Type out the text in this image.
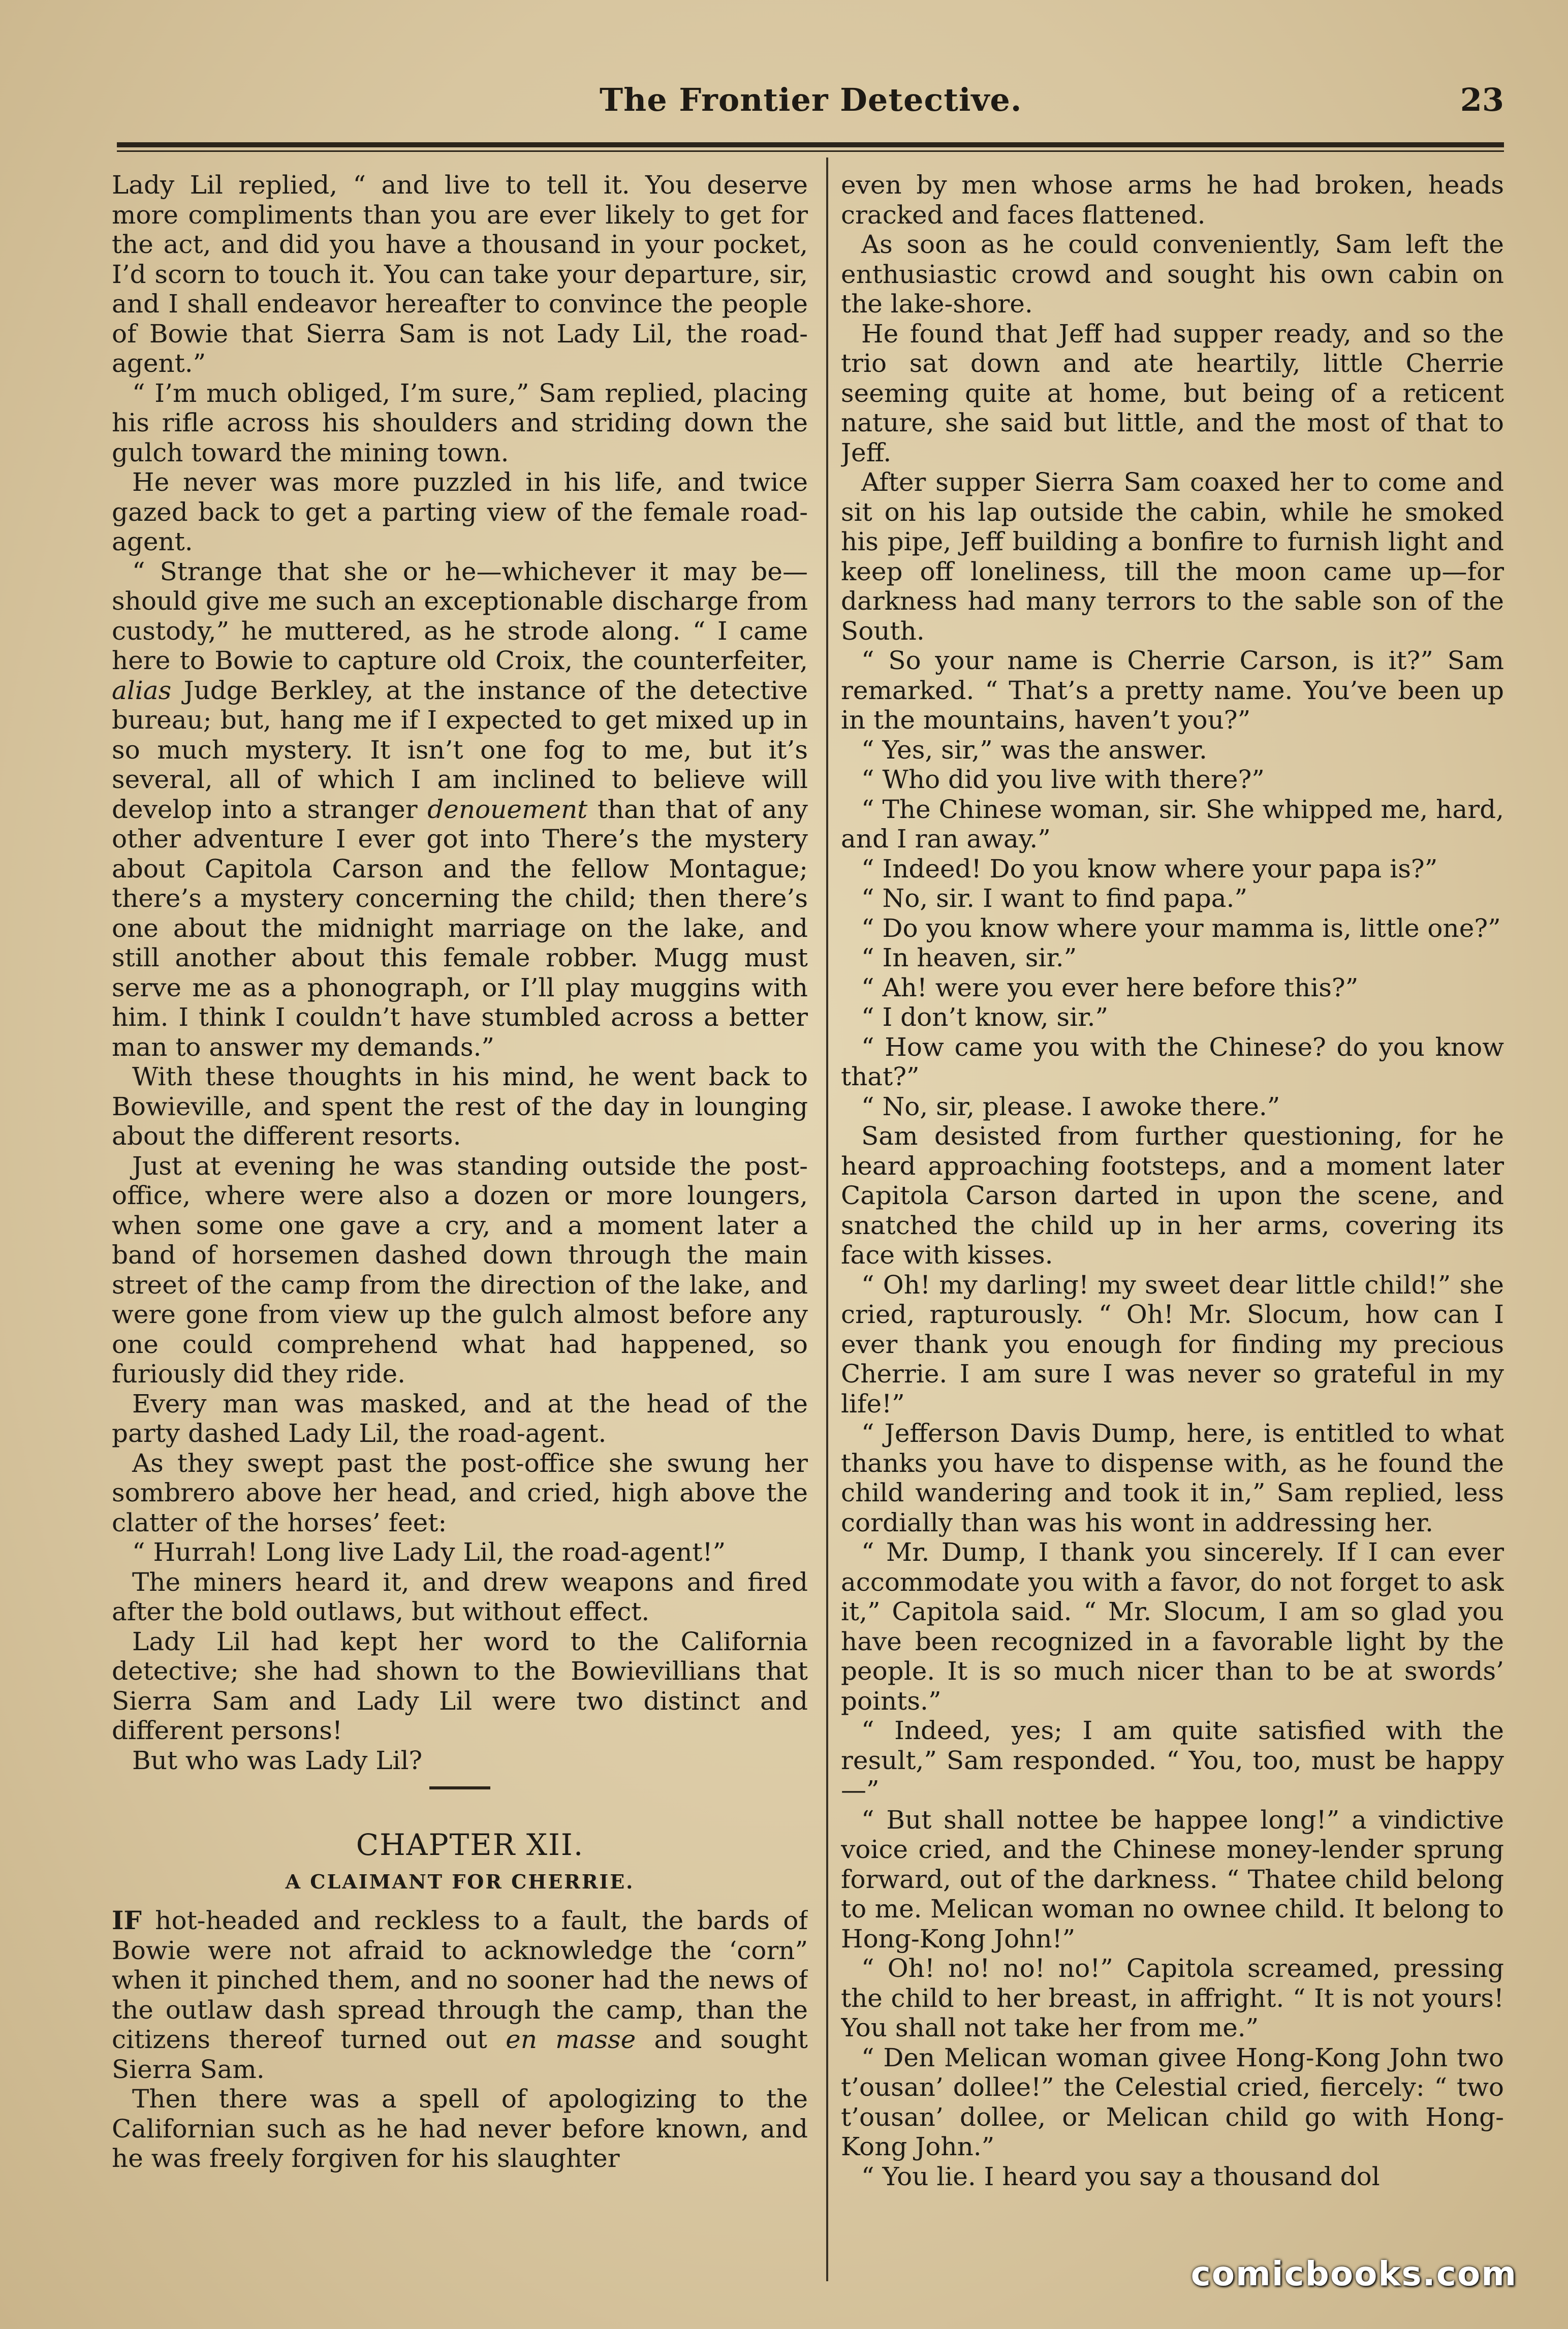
The Frontier Detective.	23

Lady Lil replied, “ and live to tell it. You deserve more compliments than you are ever likely to get for the act, and did you have a thousand in your pocket, I’d scorn to touch it. You can take your departure, sir, and I shall endeavor hereafter to convince the people of Bowie that Sierra Sam is not Lady Lil, the road-agent.”

“ I’m much obliged, I’m sure,” Sam replied, placing his rifle across his shoulders and striding down the gulch toward the mining town.

He never was more puzzled in his life, and twice gazed back to get a parting view of the female road-agent.

“ Strange that she or he—whichever it may be—should give me such an exceptionable discharge from custody,” he muttered, as he strode along. “ I came here to Bowie to capture old Croix, the counterfeiter, alias Judge Berkley, at the instance of the detective bureau; but, hang me if I expected to get mixed up in so much mystery. It isn’t one fog to me, but it’s several, all of which I am inclined to believe will develop into a stranger denouement than that of any other adventure I ever got into There’s the mystery about Capitola Carson and the fellow Montague; there’s a mystery concerning the child; then there’s one about the midnight marriage on the lake, and still another about this female robber. Mugg must serve me as a phonograph, or I’ll play muggins with him. I think I couldn’t have stumbled across a better man to answer my demands.”

With these thoughts in his mind, he went back to Bowieville, and spent the rest of the day in lounging about the different resorts.

Just at evening he was standing outside the post-office, where were also a dozen or more loungers, when some one gave a cry, and a moment later a band of horsemen dashed down through the main street of the camp from the direction of the lake, and were gone from view up the gulch almost before any one could comprehend what had happened, so furiously did they ride.

Every man was masked, and at the head of the party dashed Lady Lil, the road-agent.

As they swept past the post-office she swung her sombrero above her head, and cried, high above the clatter of the horses’ feet:

“ Hurrah! Long live Lady Lil, the road-agent!”

The miners heard it, and drew weapons and fired after the bold outlaws, but without effect.

Lady Lil had kept her word to the California detective; she had shown to the Bowievillians that Sierra Sam and Lady Lil were two distinct and different persons!

But who was Lady Lil?

CHAPTER XII.

A CLAIMANT FOR CHERRIE.

IF hot-headed and reckless to a fault, the bards of Bowie were not afraid to acknowledge the ‘corn” when it pinched them, and no sooner had the news of the outlaw dash spread through the camp, than the citizens thereof turned out en masse and sought Sierra Sam.

Then there was a spell of apologizing to the Californian such as he had never before known, and he was freely forgiven for his slaughter

even by men whose arms he had broken, heads cracked and faces flattened.

As soon as he could conveniently, Sam left the enthusiastic crowd and sought his own cabin on the lake-shore.

He found that Jeff had supper ready, and so the trio sat down and ate heartily, little Cherrie seeming quite at home, but being of a reticent nature, she said but little, and the most of that to Jeff.

After supper Sierra Sam coaxed her to come and sit on his lap outside the cabin, while he smoked his pipe, Jeff building a bonfire to furnish light and keep off loneliness, till the moon came up—for darkness had many terrors to the sable son of the South.

“ So your name is Cherrie Carson, is it?” Sam remarked. “ That’s a pretty name. You’ve been up in the mountains, haven’t you?”

“ Yes, sir,” was the answer.

“ Who did you live with there?”

“ The Chinese woman, sir. She whipped me, hard, and I ran away.”

“ Indeed! Do you know where your papa is?”

“ No, sir. I want to find papa.”

“ Do you know where your mamma is, little one?”

“ In heaven, sir.”

“ Ah! were you ever here before this?”

“ I don’t know, sir.”

“ How came you with the Chinese? do you know that?”

“ No, sir, please. I awoke there.”

Sam desisted from further questioning, for he heard approaching footsteps, and a moment later Capitola Carson darted in upon the scene, and snatched the child up in her arms, covering its face with kisses.

“ Oh! my darling! my sweet dear little child!” she cried, rapturously. “ Oh! Mr. Slocum, how can I ever thank you enough for finding my precious Cherrie. I am sure I was never so grateful in my life!”

“ Jefferson Davis Dump, here, is entitled to what thanks you have to dispense with, as he found the child wandering and took it in,” Sam replied, less cordially than was his wont in addressing her.

“ Mr. Dump, I thank you sincerely. If I can ever accommodate you with a favor, do not forget to ask it,” Capitola said. “ Mr. Slocum, I am so glad you have been recognized in a favorable light by the people. It is so much nicer than to be at swords’ points.”

“ Indeed, yes; I am quite satisfied with the result,” Sam responded. “ You, too, must be happy—”

“ But shall nottee be happee long!” a vindictive voice cried, and the Chinese money-lender sprung forward, out of the darkness. “ Thatee child belong to me. Melican woman no ownee child. It belong to Hong-Kong John!”

“ Oh! no! no! no!” Capitola screamed, pressing the child to her breast, in affright. “ It is not yours! You shall not take her from me.”

“ Den Melican woman givee Hong-Kong John two t’ousan’ dollee!” the Celestial cried, fiercely: “ two t’ousan’ dollee, or Melican child go with Hong-Kong John.”

“ You lie. I heard you say a thousand dol

comicbooks.com
